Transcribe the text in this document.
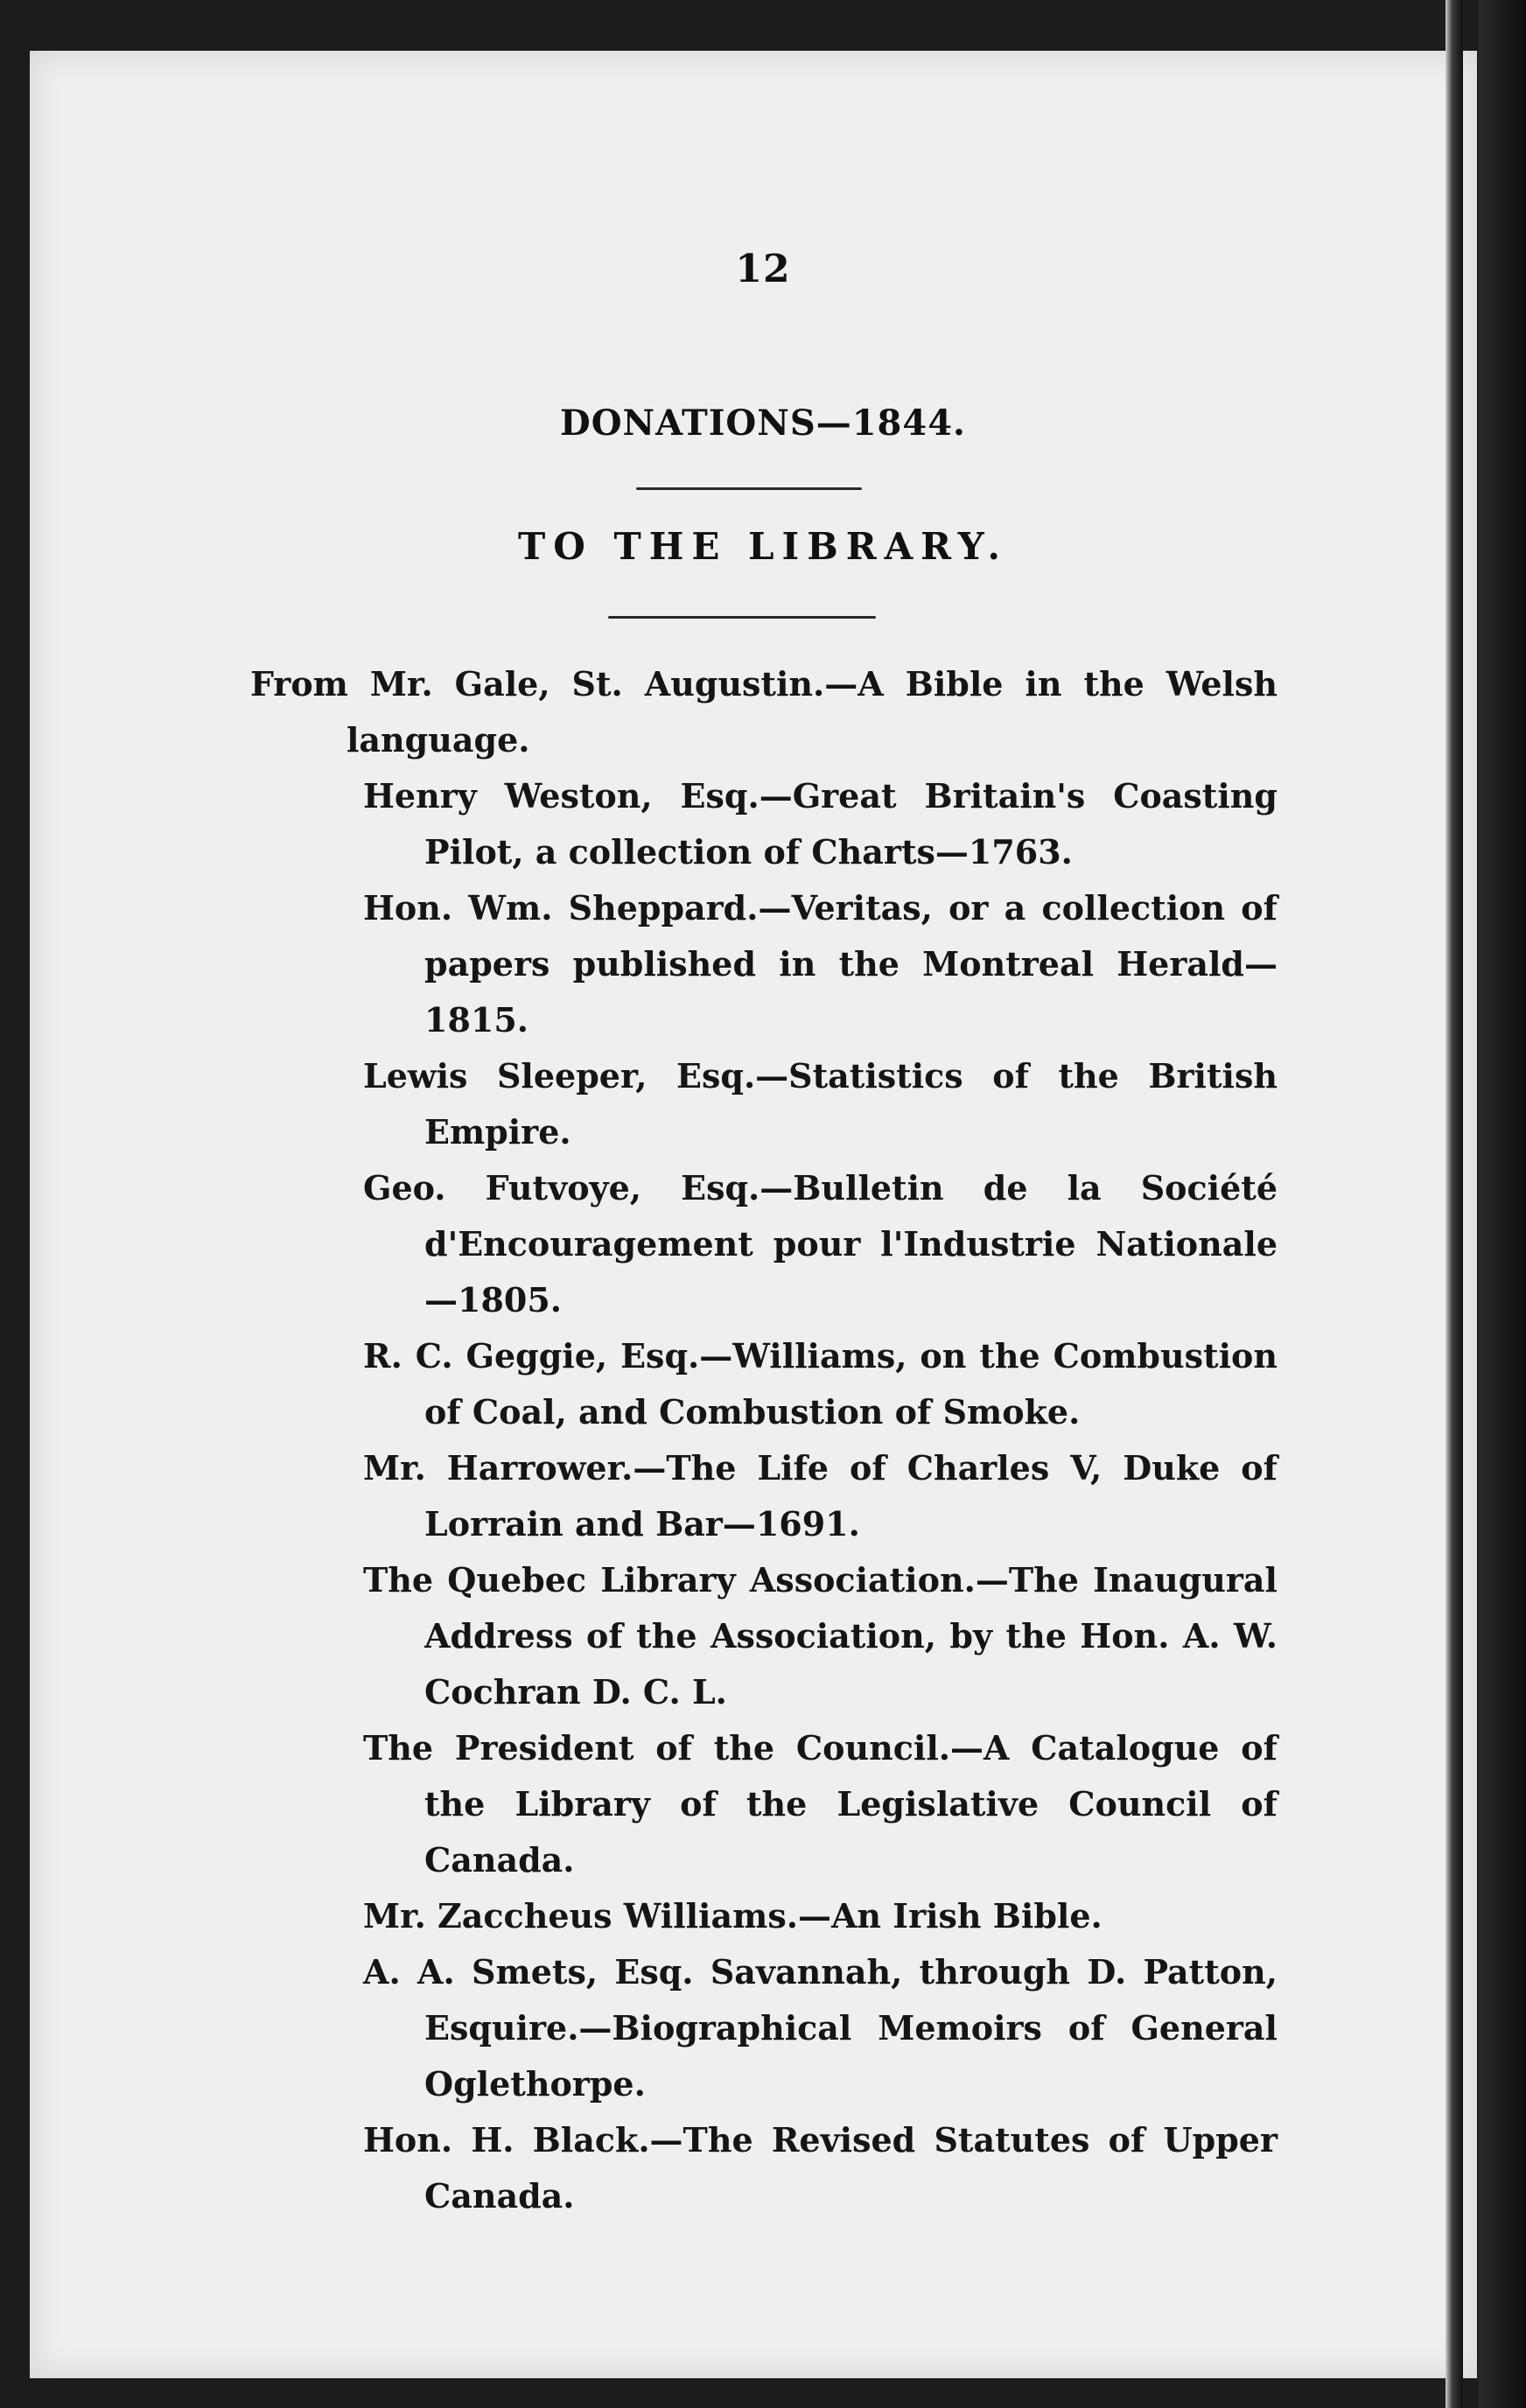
12
DONATIONS—1844.
TO THE LIBRARY.

From Mr. Gale, St. Augustin.—A Bible in the Welsh language.

Henry Weston, Esq.—Great Britain's Coasting Pilot, a collection of Charts—1763.

Hon. Wm. Sheppard.—Veritas, or a collection of papers published in the Montreal Herald—1815.

Lewis Sleeper, Esq.—Statistics of the British Empire.

Geo. Futvoye, Esq.—Bulletin de la Société d'Encouragement pour l'Industrie Nationale—1805.

R. C. Geggie, Esq.—Williams, on the Combustion of Coal, and Combustion of Smoke.

Mr. Harrower.—The Life of Charles V, Duke of Lorrain and Bar—1691.

The Quebec Library Association.—The Inaugural Address of the Association, by the Hon. A. W. Cochran D. C. L.

The President of the Council.—A Catalogue of the Library of the Legislative Council of Canada.

Mr. Zaccheus Williams.—An Irish Bible.

A. A. Smets, Esq. Savannah, through D. Patton, Esquire.—Biographical Memoirs of General Oglethorpe.

Hon. H. Black.—The Revised Statutes of Upper Canada.
